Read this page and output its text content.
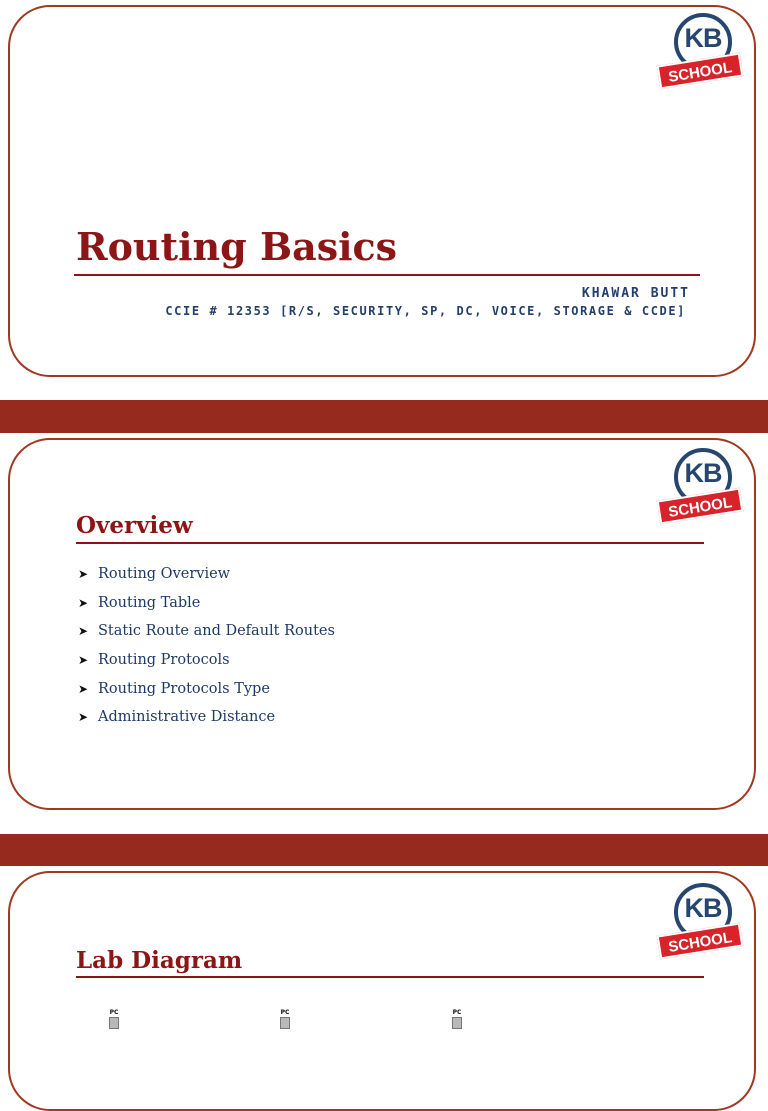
KB
SCHOOL
Routing Basics
KHAWAR BUTT
CCIE # 12353 [R/S, SECURITY, SP, DC, VOICE, STORAGE & CCDE]
KB
SCHOOL
Overview
➤ Routing Overview
➤ Routing Table
➤ Static Route and Default Routes
➤ Routing Protocols
➤ Routing Protocols Type
➤ Administrative Distance
KB
SCHOOL
Lab Diagram
PC	PC	PC
